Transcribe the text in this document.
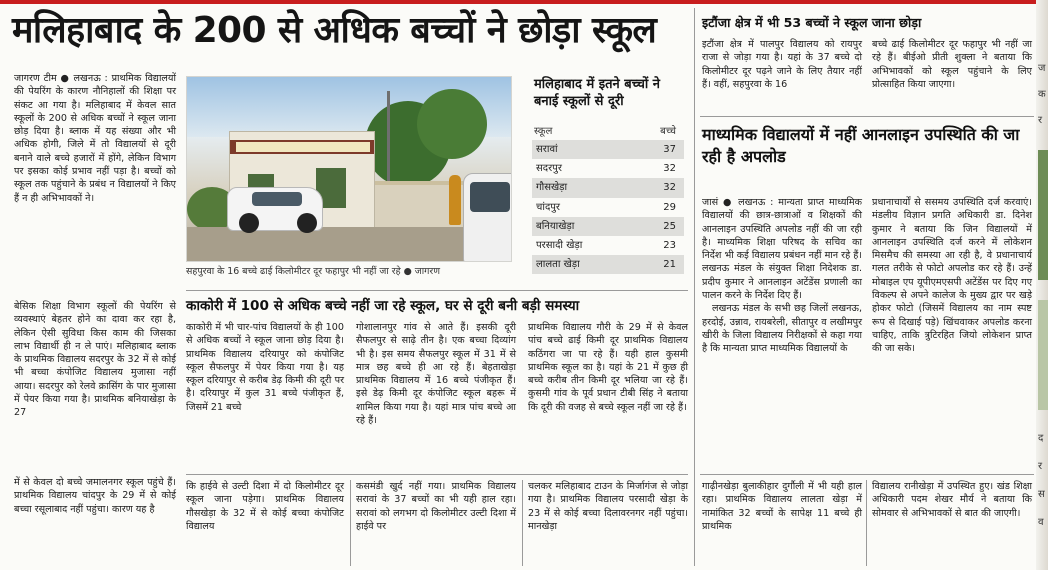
मलिहाबाद के 200 से अधिक बच्चों ने छोड़ा स्कूल
जागरण टीम ● लखनऊ : प्राथमिक विद्यालयों की पेयरिंग के कारण नौनिहालों की शिक्षा पर संकट आ गया है। मलिहाबाद में केवल सात स्कूलों के 200 से अधिक बच्चों ने स्कूल जाना छोड़ दिया है। ब्लाक में यह संख्या और भी अधिक होगी, जिले में तो विद्यालयों से दूरी बनाने वाले बच्चे हजारों में होंगे, लेकिन विभाग पर इसका कोई प्रभाव नहीं पड़ा है। बच्चों को स्कूल तक पहुंचाने के प्रबंध न विद्यालयों ने किए हैं न ही अभिभावकों ने।
बेसिक शिक्षा विभाग स्कूलों की पेयरिंग से व्यवस्थाएं बेहतर होने का दावा कर रहा है, लेकिन ऐसी सुविधा किस काम की जिसका लाभ विद्यार्थी ही न ले पाएं। मलिहाबाद ब्लाक के प्राथमिक विद्यालय सदरपुर के 32 में से कोई भी बच्चा कंपोजिट विद्यालय मुजासा नहीं आया। सदरपुर को रेलवे क्रासिंग के पार मुजासा में पेयर किया गया है। प्राथमिक बनियाखेड़ा के 27
में से केवल दो बच्चे जमालनगर स्कूल पहुंचे हैं। प्राथमिक विद्यालय चांदपुर के 29 में से कोई बच्चा रसूलाबाद नहीं पहुंचा। कारण यह है
सहपुरवा के 16 बच्चे ढाई किलोमीटर दूर फहापुर भी नहीं जा रहे ● जागरण
मलिहाबाद में इतने बच्चों ने बनाई स्कूलों से दूरी
स्कूल	बच्चे
सरावां	37
सदरपुर	32
गौसखेड़ा	32
चांदपुर	29
बनियाखेड़ा	25
परसादी खेड़ा	23
लालता खेड़ा	21
काकोरी में 100 से अधिक बच्चे नहीं जा रहे स्कूल, घर से दूरी बनी बड़ी समस्या
काकोरी में भी चार-पांच विद्यालयों के ही 100 से अधिक बच्चों ने स्कूल जाना छोड़ दिया है। प्राथमिक विद्यालय दरियापुर को कंपोजिट स्कूल सैफलपुर में पेयर किया गया है। यह स्कूल दरियापुर से करीब डेढ़ किमी की दूरी पर है। दरियापुर में कुल 31 बच्चे पंजीकृत हैं, जिसमें 21 बच्चे
गोशालानपुर गांव से आते हैं। इसकी दूरी सैफलपुर से साढ़े तीन है। एक बच्चा दिव्यांग भी है। इस समय सैफलपुर स्कूल में 31 में से मात्र छह बच्चे ही आ रहे हैं। बेहताखेड़ा प्राथमिक विद्यालय में 16 बच्चे पंजीकृत हैं। इसे डेढ़ किमी दूर कंपोजिट स्कूल बहरू में शामिल किया गया है। यहां मात्र पांच बच्चे आ रहे हैं।
प्राथमिक विद्यालय गौरी के 29 में से केवल पांच बच्चे ढाई किमी दूर प्राथमिक विद्यालय कठिंगरा जा पा रहे हैं। यही हाल कुसमी प्राथमिक स्कूल का है। यहां के 21 में कुछ ही बच्चे करीब तीन किमी दूर भलिया जा रहे हैं। कुसमी गांव के पूर्व प्रधान टीबी सिंह ने बताया कि दूरी की वजह से बच्चे स्कूल नहीं जा रहे हैं।
कि हाईवे से उल्टी दिशा में दो किलोमीटर दूर स्कूल जाना पड़ेगा। प्राथमिक विद्यालय गौसखेड़ा के 32 में से कोई बच्चा कंपोजिट विद्यालय
कसमंडी खुर्द नहीं गया। प्राथमिक विद्यालय सरावां के 37 बच्चों का भी यही हाल रहा। सरावां को लगभग दो किलोमीटर उल्टी दिशा में हाईवे पर
चलकर मलिहाबाद टाउन के मिर्जागंज से जोड़ा गया है। प्राथमिक विद्यालय परसादी खेड़ा के 23 में से कोई बच्चा दिलावरनगर नहीं पहुंचा। मानखेड़ा
इटौंजा क्षेत्र में भी 53 बच्चों ने स्कूल जाना छोड़ा
इटौंजा क्षेत्र में पालपुर विद्यालय को रायपुर राजा से जोड़ा गया है। यहां के 37 बच्चे दो किलोमीटर दूर पढ़ने जाने के लिए तैयार नहीं हैं। वहीं, सहपुरवा के 16
बच्चे ढाई किलोमीटर दूर फहापुर भी नहीं जा रहे हैं। बीईओ प्रीती शुक्ला ने बताया कि अभिभावकों को स्कूल पहुंचाने के लिए प्रोत्साहित किया जाएगा।
माध्यमिक विद्यालयों में नहीं आनलाइन उपस्थिति की जा रही है अपलोड
जासं ● लखनऊ : मान्यता प्राप्त माध्यमिक विद्यालयों की छात्र-छात्राओं व शिक्षकों की आनलाइन उपस्थिति अपलोड नहीं की जा रही है। माध्यमिक शिक्षा परिषद के सचिव का निर्देश भी कई विद्यालय प्रबंधन नहीं मान रहे हैं। लखनऊ मंडल के संयुक्त शिक्षा निदेशक डा. प्रदीप कुमार ने आनलाइन अटेंडेंस प्रणाली का पालन करने के निर्देश दिए हैं।

लखनऊ मंडल के सभी छह जिलों लखनऊ, हरदोई, उन्नाव, रायबरेली, सीतापुर व लखीमपुर खीरी के जिला विद्यालय निरीक्षकों से कहा गया है कि मान्यता प्राप्त माध्यमिक विद्यालयों के
प्रधानाचार्यों से ससमय उपस्थिति दर्ज करवाएं। मंडलीय विज्ञान प्रगति अधिकारी डा. दिनेश कुमार ने बताया कि जिन विद्यालयों में आनलाइन उपस्थिति दर्ज करने में लोकेशन मिसमैच की समस्या आ रही है, वे प्रधानाचार्य गलत तरीके से फोटो अपलोड कर रहे हैं। उन्हें मोबाइल एप यूपीएमएसपी अटेंडेंस पर दिए गए विकल्प से अपने कालेज के मुख्य द्वार पर खड़े होकर फोटो (जिसमें विद्यालय का नाम स्पष्ट रूप से दिखाई पड़े) खिंचवाकर अपलोड करना चाहिए, ताकि त्रुटिरहित जियो लोकेशन प्राप्त की जा सके।
गाढ़ीनखेड़ा बुलाकीहार दुर्गौली में भी यही हाल रहा। प्राथमिक विद्यालय लालता खेड़ा में नामांकित 32 बच्चों के सापेक्ष 11 बच्चे ही प्राथमिक
विद्यालय रानीखेड़ा में उपस्थित हुए। खंड शिक्षा अधिकारी पदम शेखर मौर्य ने बताया कि सोमवार से अभिभावकों से बात की जाएगी।
ज
क
र
द
र
स
व
